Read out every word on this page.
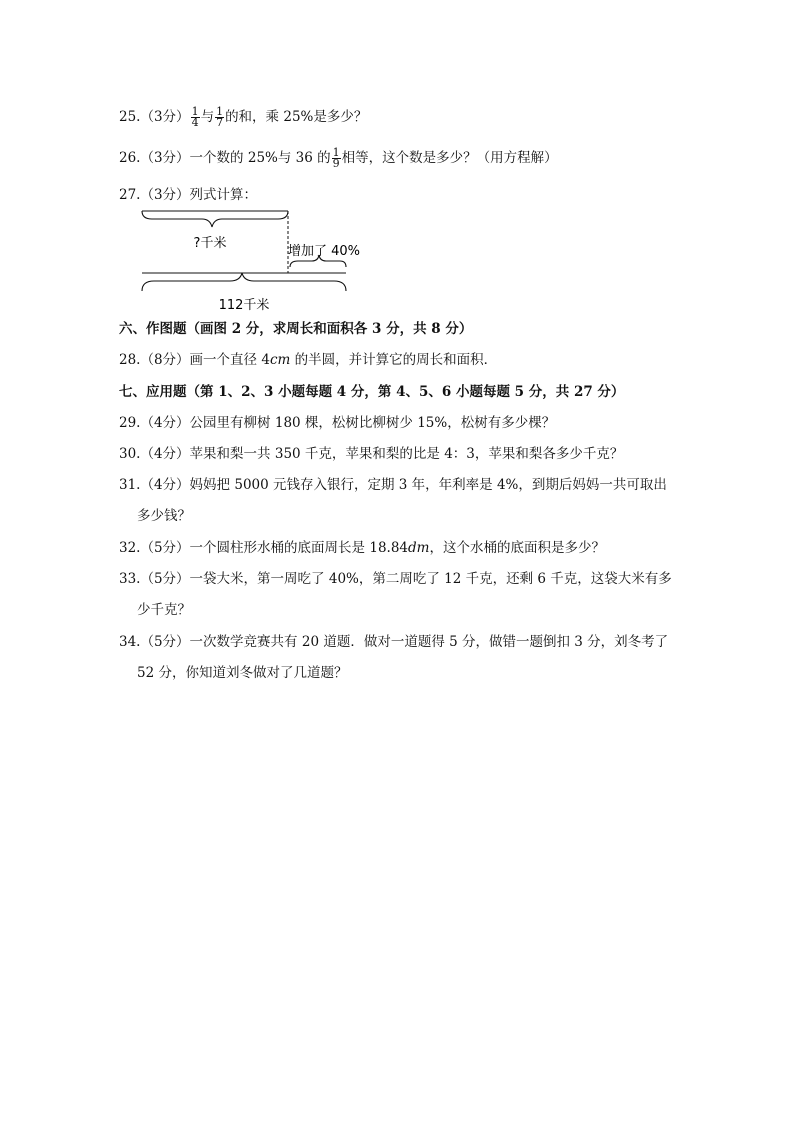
25.（3分） $\frac{1}{4}$ 与 $\frac{1}{7}$ 的和，乘 25%是多少？
26.（3分）一个数的 25%与 36 的 $\frac{1}{9}$ 相等，这个数是多少？（用方程解）
27.（3分）列式计算：
?千米
增加了 40%
112千米
六、作图题（画图 2 分，求周长和面积各 3 分，共 8 分）
28.（8分）画一个直径 4cm 的半圆，并计算它的周长和面积．
七、应用题（第 1、2、3 小题每题 4 分，第 4、5、6 小题每题 5 分，共 27 分）
29.（4分）公园里有柳树 180 棵，松树比柳树少 15%，松树有多少棵？
30.（4分）苹果和梨一共 350 千克，苹果和梨的比是 4：3，苹果和梨各多少千克？
31.（4分）妈妈把 5000 元钱存入银行，定期 3 年，年利率是 4%，到期后妈妈一共可取出
多少钱？
32.（5分）一个圆柱形水桶的底面周长是 18.84dm，这个水桶的底面积是多少？
33.（5分）一袋大米，第一周吃了 40%，第二周吃了 12 千克，还剩 6 千克，这袋大米有多
少千克？
34.（5分）一次数学竞赛共有 20 道题．做对一道题得 5 分，做错一题倒扣 3 分，刘冬考了
52 分，你知道刘冬做对了几道题？
